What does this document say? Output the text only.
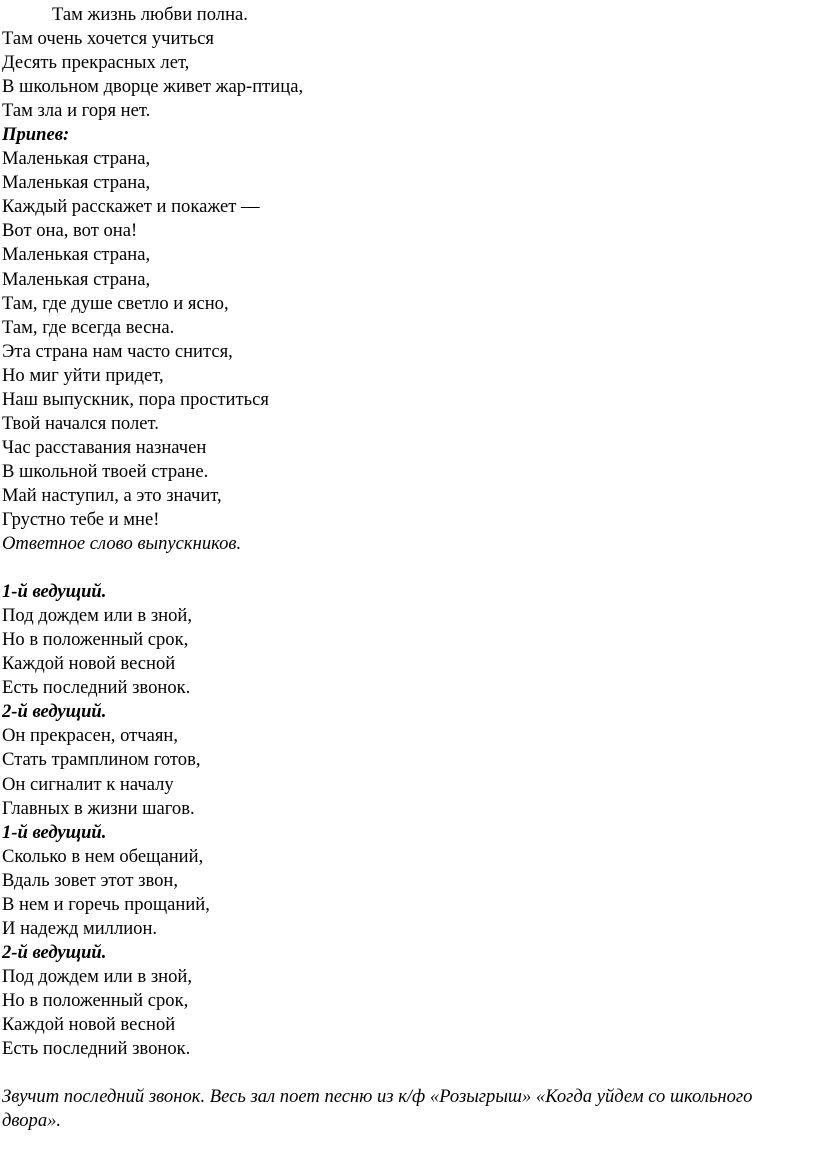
Там жизнь любви полна.
Там очень хочется учиться
Десять прекрасных лет,
В школьном дворце живет жар-птица,
Там зла и горя нет.
Припев:
Маленькая страна,
Маленькая страна,
Каждый расскажет и покажет —
Вот она, вот она!
Маленькая страна,
Маленькая страна,
Там, где душе светло и ясно,
Там, где всегда весна.
Эта страна нам часто снится,
Но миг уйти придет,
Наш выпускник, пора проститься
Твой начался полет.
Час расставания назначен
В школьной твоей стране.
Май наступил, а это значит,
Грустно тебе и мне!
Ответное слово выпускников.
1-й ведущий.
Под дождем или в зной,
Но в положенный срок,
Каждой новой весной
Есть последний звонок.
2-й ведущий.
Он прекрасен, отчаян,
Стать трамплином готов,
Он сигналит к началу
Главных в жизни шагов.
1-й ведущий.
Сколько в нем обещаний,
Вдаль зовет этот звон,
В нем и горечь прощаний,
И надежд миллион.
2-й ведущий.
Под дождем или в зной,
Но в положенный срок,
Каждой новой весной
Есть последний звонок.
Звучит последний звонок. Весь зал поет песню из к/ф «Розыгрыш» «Когда уйдем со школьного двора».
